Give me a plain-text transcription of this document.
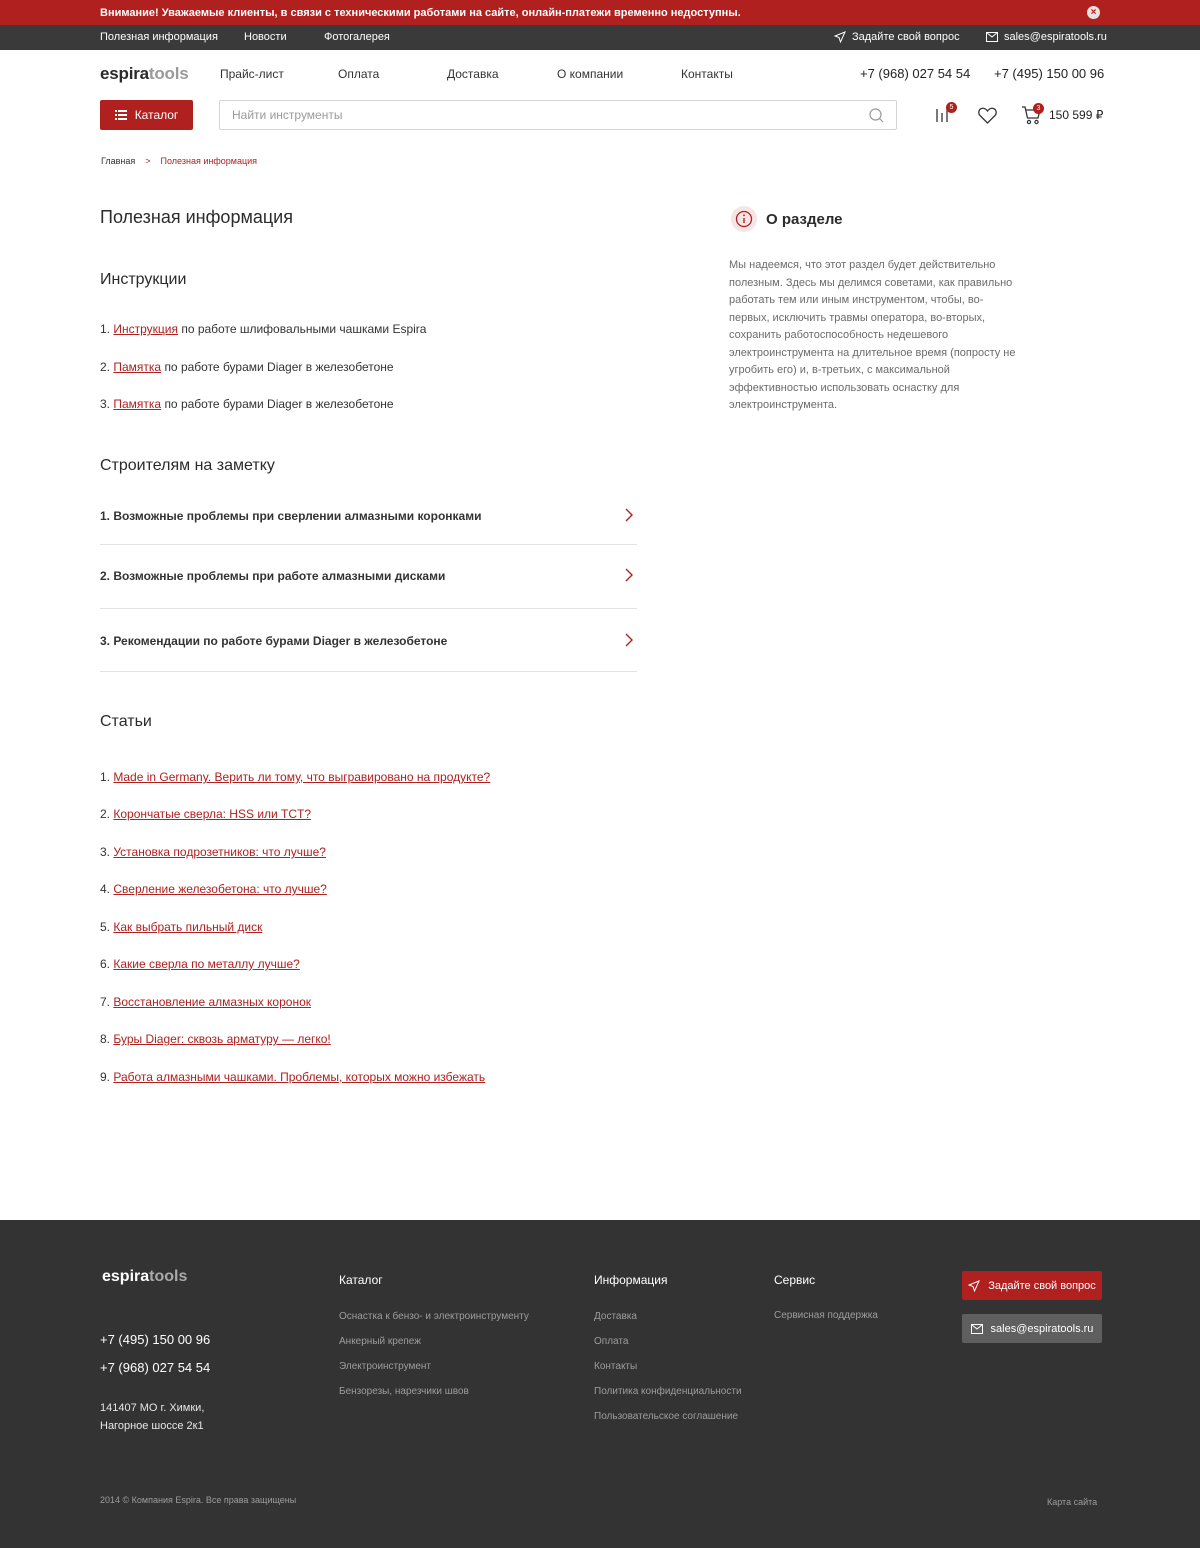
Внимание! Уважаемые клиенты, в связи с техническими работами на сайте, онлайн-платежи временно недоступны.	×
Полезная информация Новости	Фотогалерея	Задайте свой вопрос	sales@espiratools.ru
espiratools	Прайс-лист	Оплата	Доставка	О компании	Контакты	+7 (968) 027 54 54 +7 (495) 150 00 96
Каталог
Найти инструменты
5	3 150 599 ₽
Главная > Полезная информация
Полезная информация
Инструкции
1. Инструкция по работе шлифовальными чашками Espira
2. Памятка по работе бурами Diager в железобетоне
3. Памятка по работе бурами Diager в железобетоне
Строителям на заметку
1. Возможные проблемы при сверлении алмазными коронками
2. Возможные проблемы при работе алмазными дисками
3. Рекомендации по работе бурами Diager в железобетоне
Статьи
1. Made in Germany. Верить ли тому, что выгравировано на продукте?
2. Корончатые сверла: HSS или TCT?
3. Установка подрозетников: что лучше?
4. Сверление железобетона: что лучше?
5. Как выбрать пильный диск
6. Какие сверла по металлу лучше?
7. Восстановление алмазных коронок
8. Буры Diager: сквозь арматуру — легко!
9. Работа алмазными чашками. Проблемы, которых можно избежать
О разделе

Мы надеемся, что этот раздел будет действительно полезным. Здесь мы делимся советами, как правильно работать тем или иным инструментом, чтобы, во-первых, исключить травмы оператора, во-вторых, сохранить работоспособность недешевого электроинструмента на длительное время (попросту не угробить его) и, в-третьих, с максимальной эффективностью использовать оснастку для электроинструмента.

espiratools
+7 (495) 150 00 96
+7 (968) 027 54 54
141407 МО г. Химки,
Нагорное шоссе 2к1
Каталог
Оснастка к бензо- и электроинструменту
Анкерный крепеж
Электроинструмент
Бензорезы, нарезчики швов
Информация
Доставка
Оплата
Контакты
Политика конфиденциальности
Пользовательское соглашение
Сервис
Сервисная поддержка
Задайте свой вопрос
sales@espiratools.ru
2014 © Компания Espira. Все права защищены	Карта сайта
